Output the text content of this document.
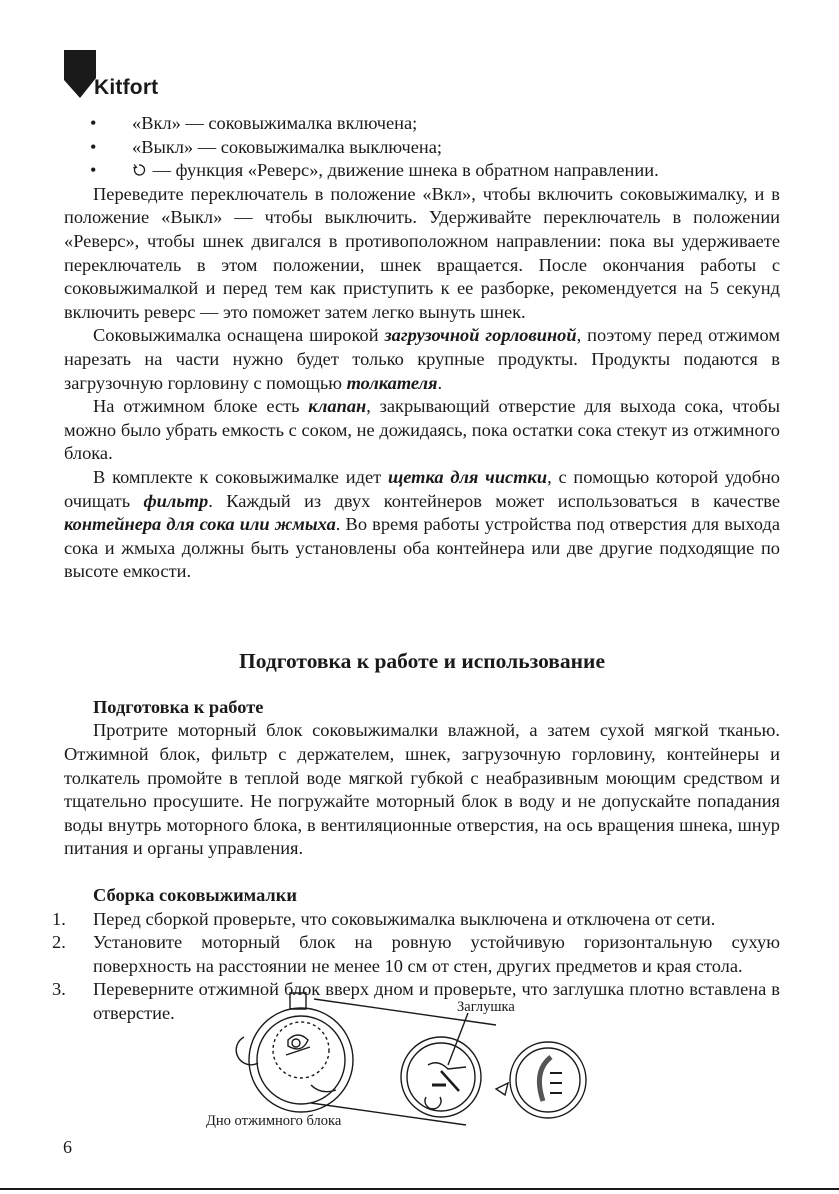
Kitfort
• «Вкл» — соковыжималка включена;
• «Выкл» — соковыжималка выключена;
• — функция «Реверс», движение шнека в обратном направлении.

Переведите переключатель в положение «Вкл», чтобы включить соковыжималку, и в положение «Выкл» — чтобы выключить. Удерживайте переключатель в положении «Реверс», чтобы шнек двигался в противоположном направлении: пока вы удерживаете переключатель в этом положении, шнек вращается. После окончания работы с соковыжималкой и перед тем как приступить к ее разборке, рекомендуется на 5 секунд включить реверс — это поможет затем легко вынуть шнек.

Соковыжималка оснащена широкой загрузочной горловиной, поэтому перед отжимом нарезать на части нужно будет только крупные продукты. Продукты подаются в загрузочную горловину с помощью толкателя.

На отжимном блоке есть клапан, закрывающий отверстие для выхода сока, чтобы можно было убрать емкость с соком, не дожидаясь, пока остатки сока стекут из отжимного блока.

В комплекте к соковыжималке идет щетка для чистки, с помощью которой удобно очищать фильтр. Каждый из двух контейнеров может использоваться в качестве контейнера для сока или жмыха. Во время работы устройства под отверстия для выхода сока и жмыха должны быть установлены оба контейнера или две другие подходящие по высоте емкости.

Подготовка к работе и использование
Подготовка к работе

Протрите моторный блок соковыжималки влажной, а затем сухой мягкой тканью. Отжимной блок, фильтр с держателем, шнек, загрузочную горловину, контейнеры и толкатель промойте в теплой воде мягкой губкой с неабразивным моющим средством и тщательно просушите. Не погружайте моторный блок в воду и не допускайте попадания воды внутрь моторного блока, в вентиляционные отверстия, на ось вращения шнека, шнур питания и органы управления.

Сборка соковыжималки
1. Перед сборкой проверьте, что соковыжималка выключена и отключена от сети.
2. Установите моторный блок на ровную устойчивую горизонтальную сухую поверхность на расстоянии не менее 10 см от стен, других предметов и края стола.
3. Переверните отжимной блок вверх дном и проверьте, что заглушка плотно вставлена в отверстие.	Заглушка
Дно отжимного блока
6
